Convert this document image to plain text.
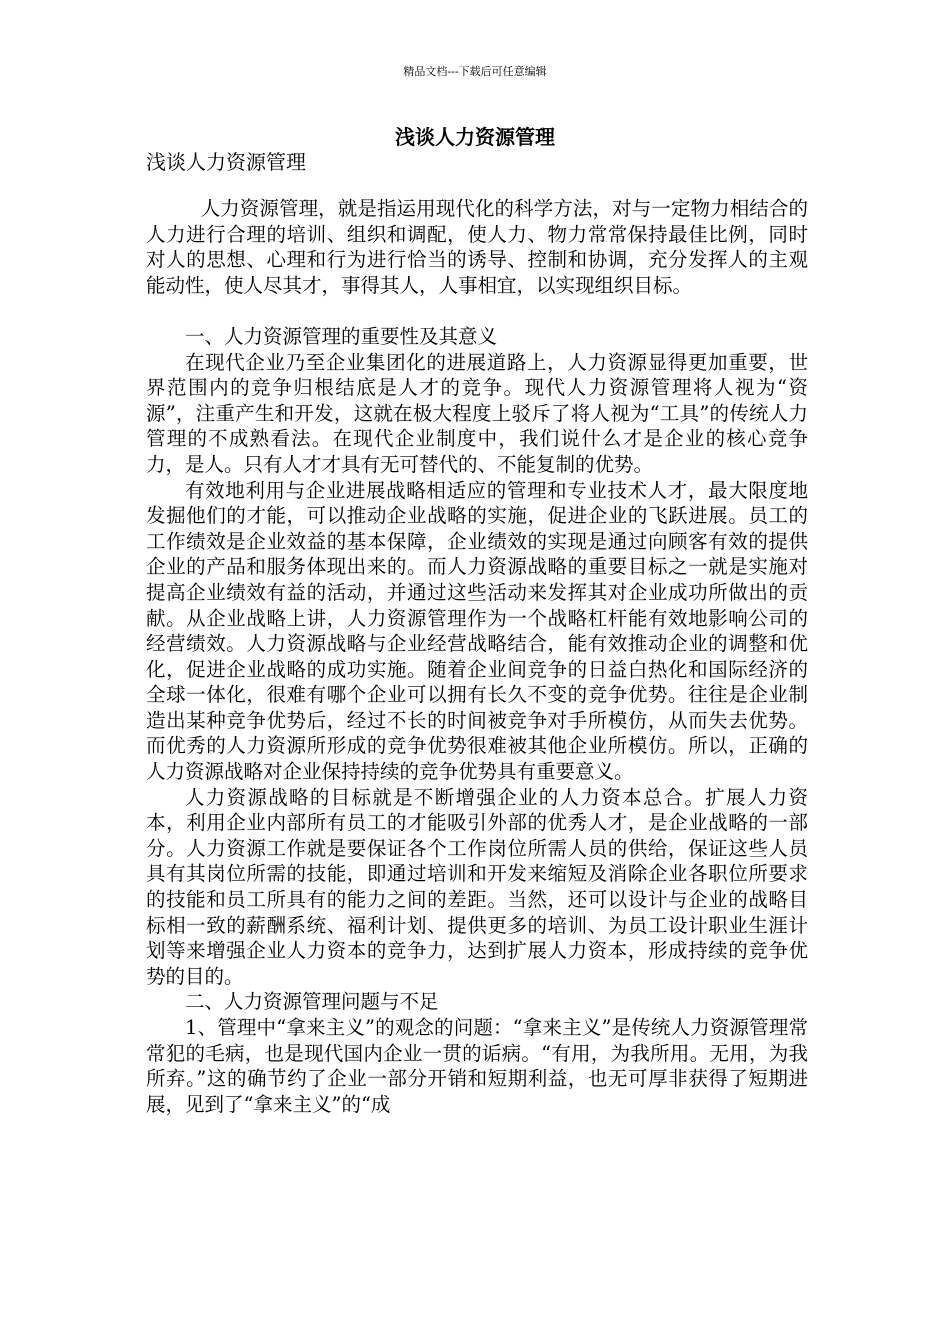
精品文档---下载后可任意编辑
浅谈人力资源管理
浅谈人力资源管理

人力资源管理，就是指运用现代化的科学方法，对与一定物力相结合的人力进行合理的培训、组织和调配，使人力、物力常常保持最佳比例，同时对人的思想、心理和行为进行恰当的诱导、控制和协调，充分发挥人的主观能动性，使人尽其才，事得其人，人事相宜，以实现组织目标。

一、人力资源管理的重要性及其意义

在现代企业乃至企业集团化的进展道路上，人力资源显得更加重要，世界范围内的竞争归根结底是人才的竞争。现代人力资源管理将人视为“资源”，注重产生和开发，这就在极大程度上驳斥了将人视为“工具”的传统人力管理的不成熟看法。在现代企业制度中，我们说什么才是企业的核心竞争力，是人。只有人才才具有无可替代的、不能复制的优势。

有效地利用与企业进展战略相适应的管理和专业技术人才，最大限度地发掘他们的才能，可以推动企业战略的实施，促进企业的飞跃进展。员工的工作绩效是企业效益的基本保障，企业绩效的实现是通过向顾客有效的提供企业的产品和服务体现出来的。而人力资源战略的重要目标之一就是实施对提高企业绩效有益的活动，并通过这些活动来发挥其对企业成功所做出的贡献。从企业战略上讲，人力资源管理作为一个战略杠杆能有效地影响公司的经营绩效。人力资源战略与企业经营战略结合，能有效推动企业的调整和优化，促进企业战略的成功实施。随着企业间竞争的日益白热化和国际经济的全球一体化，很难有哪个企业可以拥有长久不变的竞争优势。往往是企业制造出某种竞争优势后，经过不长的时间被竞争对手所模仿，从而失去优势。而优秀的人力资源所形成的竞争优势很难被其他企业所模仿。所以，正确的人力资源战略对企业保持持续的竞争优势具有重要意义。

人力资源战略的目标就是不断增强企业的人力资本总合。扩展人力资本，利用企业内部所有员工的才能吸引外部的优秀人才，是企业战略的一部分。人力资源工作就是要保证各个工作岗位所需人员的供给，保证这些人员具有其岗位所需的技能，即通过培训和开发来缩短及消除企业各职位所要求的技能和员工所具有的能力之间的差距。当然，还可以设计与企业的战略目标相一致的薪酬系统、福利计划、提供更多的培训、为员工设计职业生涯计划等来增强企业人力资本的竞争力，达到扩展人力资本，形成持续的竞争优势的目的。

二、人力资源管理问题与不足

1、管理中“拿来主义”的观念的问题：“拿来主义”是传统人力资源管理常常犯的毛病，也是现代国内企业一贯的诟病。“有用，为我所用。无用，为我所弃。”这的确节约了企业一部分开销和短期利益，也无可厚非获得了短期进展，见到了“拿来主义”的“成
